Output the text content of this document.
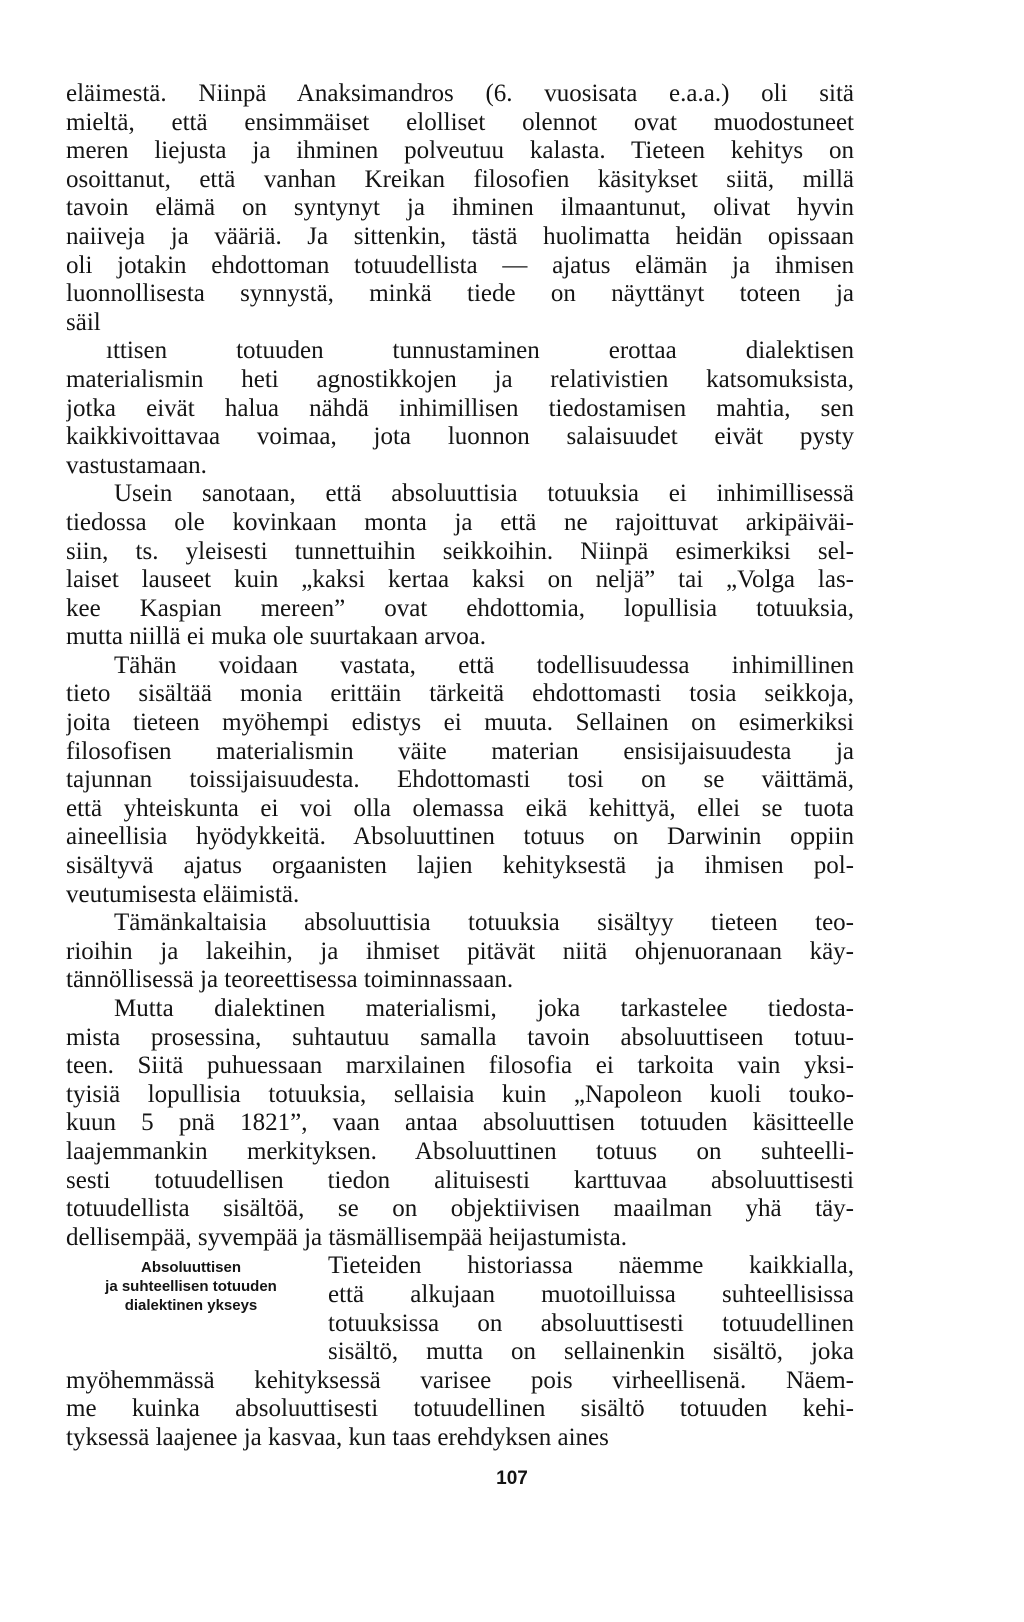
eläimestä. Niinpä Anaksimandros (6. vuosisata e.a.a.) oli sitä
mieltä, että ensimmäiset elolliset olennot ovat muodostuneet
meren liejusta ja ihminen polveutuu kalasta. Tieteen kehitys on
osoittanut, että vanhan Kreikan filosofien käsitykset siitä, millä
tavoin elämä on syntynyt ja ihminen ilmaantunut, olivat hyvin
naiiveja ja vääriä. Ja sittenkin, tästä huolimatta heidän opissaan
oli jotakin ehdottoman totuudellista — ajatus elämän ja ihmisen
luonnollisesta synnystä, minkä tiede on näyttänyt toteen ja
säil
ıttisen totuuden tunnustaminen erottaa dialektisen
materialismin heti agnostikkojen ja relativistien katsomuksista,
jotka eivät halua nähdä inhimillisen tiedostamisen mahtia, sen
kaikkivoittavaa voimaa, jota luonnon salaisuudet eivät pysty
vastustamaan.
Usein sanotaan, että absoluuttisia totuuksia ei inhimillisessä
tiedossa ole kovinkaan monta ja että ne rajoittuvat arkipäiväi-
siin, ts. yleisesti tunnettuihin seikkoihin. Niinpä esimerkiksi sel-
laiset lauseet kuin „kaksi kertaa kaksi on neljä” tai „Volga las-
kee Kaspian mereen” ovat ehdottomia, lopullisia totuuksia,
mutta niillä ei muka ole suurtakaan arvoa.
Tähän voidaan vastata, että todellisuudessa inhimillinen
tieto sisältää monia erittäin tärkeitä ehdottomasti tosia seikkoja,
joita tieteen myöhempi edistys ei muuta. Sellainen on esimerkiksi
filosofisen materialismin väite materian ensisijaisuudesta ja
tajunnan toissijaisuudesta. Ehdottomasti tosi on se väittämä,
että yhteiskunta ei voi olla olemassa eikä kehittyä, ellei se tuota
aineellisia hyödykkeitä. Absoluuttinen totuus on Darwinin oppiin
sisältyvä ajatus orgaanisten lajien kehityksestä ja ihmisen pol-
veutumisesta eläimistä.
Tämänkaltaisia absoluuttisia totuuksia sisältyy tieteen teo-
rioihin ja lakeihin, ja ihmiset pitävät niitä ohjenuoranaan käy-
tännöllisessä ja teoreettisessa toiminnassaan.
Mutta dialektinen materialismi, joka tarkastelee tiedosta-
mista prosessina, suhtautuu samalla tavoin absoluuttiseen totuu-
teen. Siitä puhuessaan marxilainen filosofia ei tarkoita vain yksi-
tyisiä lopullisia totuuksia, sellaisia kuin „Napoleon kuoli touko-
kuun 5 pnä 1821”, vaan antaa absoluuttisen totuuden käsitteelle
laajemmankin merkityksen. Absoluuttinen totuus on suhteelli-
sesti totuudellisen tiedon alituisesti karttuvaa absoluuttisesti
totuudellista sisältöä, se on objektiivisen maailman yhä täy-
dellisempää, syvempää ja täsmällisempää heijastumista.
Absoluuttisen
ja suhteellisen totuuden
dialektinen ykseys
Tieteiden historiassa näemme kaikkialla,
että alkujaan muotoilluissa suhteellisissa
totuuksissa on absoluuttisesti totuudellinen
sisältö, mutta on sellainenkin sisältö, joka
myöhemmässä kehityksessä varisee pois virheellisenä. Näem-
me kuinka absoluuttisesti totuudellinen sisältö totuuden kehi-
tyksessä laajenee ja kasvaa, kun taas erehdyksen aines
107
